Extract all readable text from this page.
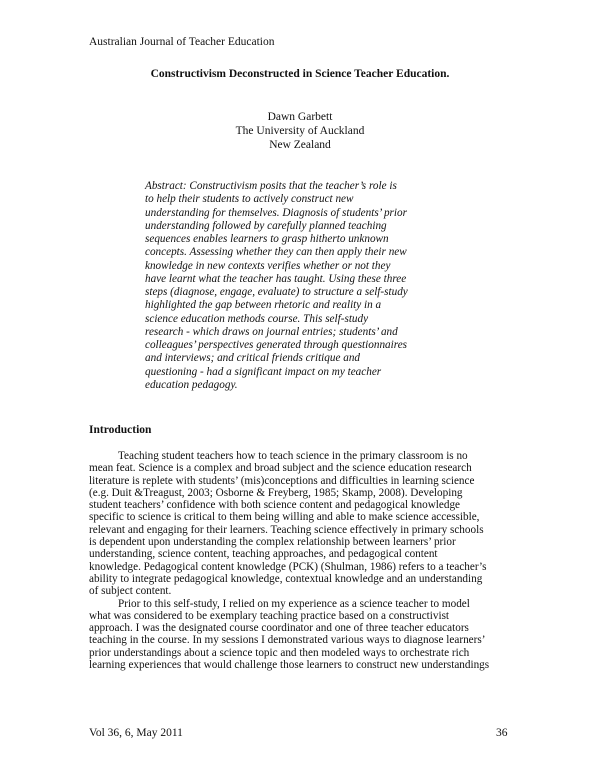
Australian Journal of Teacher Education
Constructivism Deconstructed in Science Teacher Education.
Dawn Garbett
The University of Auckland
New Zealand
Abstract: Constructivism posits that the teacher’s role is
to help their students to actively construct new
understanding for themselves. Diagnosis of students’ prior
understanding followed by carefully planned teaching
sequences enables learners to grasp hitherto unknown
concepts. Assessing whether they can then apply their new
knowledge in new contexts verifies whether or not they
have learnt what the teacher has taught. Using these three
steps (diagnose, engage, evaluate) to structure a self-study
highlighted the gap between rhetoric and reality in a
science education methods course. This self-study
research - which draws on journal entries; students’ and
colleagues’ perspectives generated through questionnaires
and interviews; and critical friends critique and
questioning - had a significant impact on my teacher
education pedagogy.
Introduction
Teaching student teachers how to teach science in the primary classroom is no
mean feat. Science is a complex and broad subject and the science education research
literature is replete with students’ (mis)conceptions and difficulties in learning science
(e.g. Duit &Treagust, 2003; Osborne & Freyberg, 1985; Skamp, 2008). Developing
student teachers’ confidence with both science content and pedagogical knowledge
specific to science is critical to them being willing and able to make science accessible,
relevant and engaging for their learners. Teaching science effectively in primary schools
is dependent upon understanding the complex relationship between learners’ prior
understanding, science content, teaching approaches, and pedagogical content
knowledge. Pedagogical content knowledge (PCK) (Shulman, 1986) refers to a teacher’s
ability to integrate pedagogical knowledge, contextual knowledge and an understanding
of subject content.
Prior to this self-study, I relied on my experience as a science teacher to model
what was considered to be exemplary teaching practice based on a constructivist
approach. I was the designated course coordinator and one of three teacher educators
teaching in the course. In my sessions I demonstrated various ways to diagnose learners’
prior understandings about a science topic and then modeled ways to orchestrate rich
learning experiences that would challenge those learners to construct new understandings
Vol 36, 6, May 2011	36
